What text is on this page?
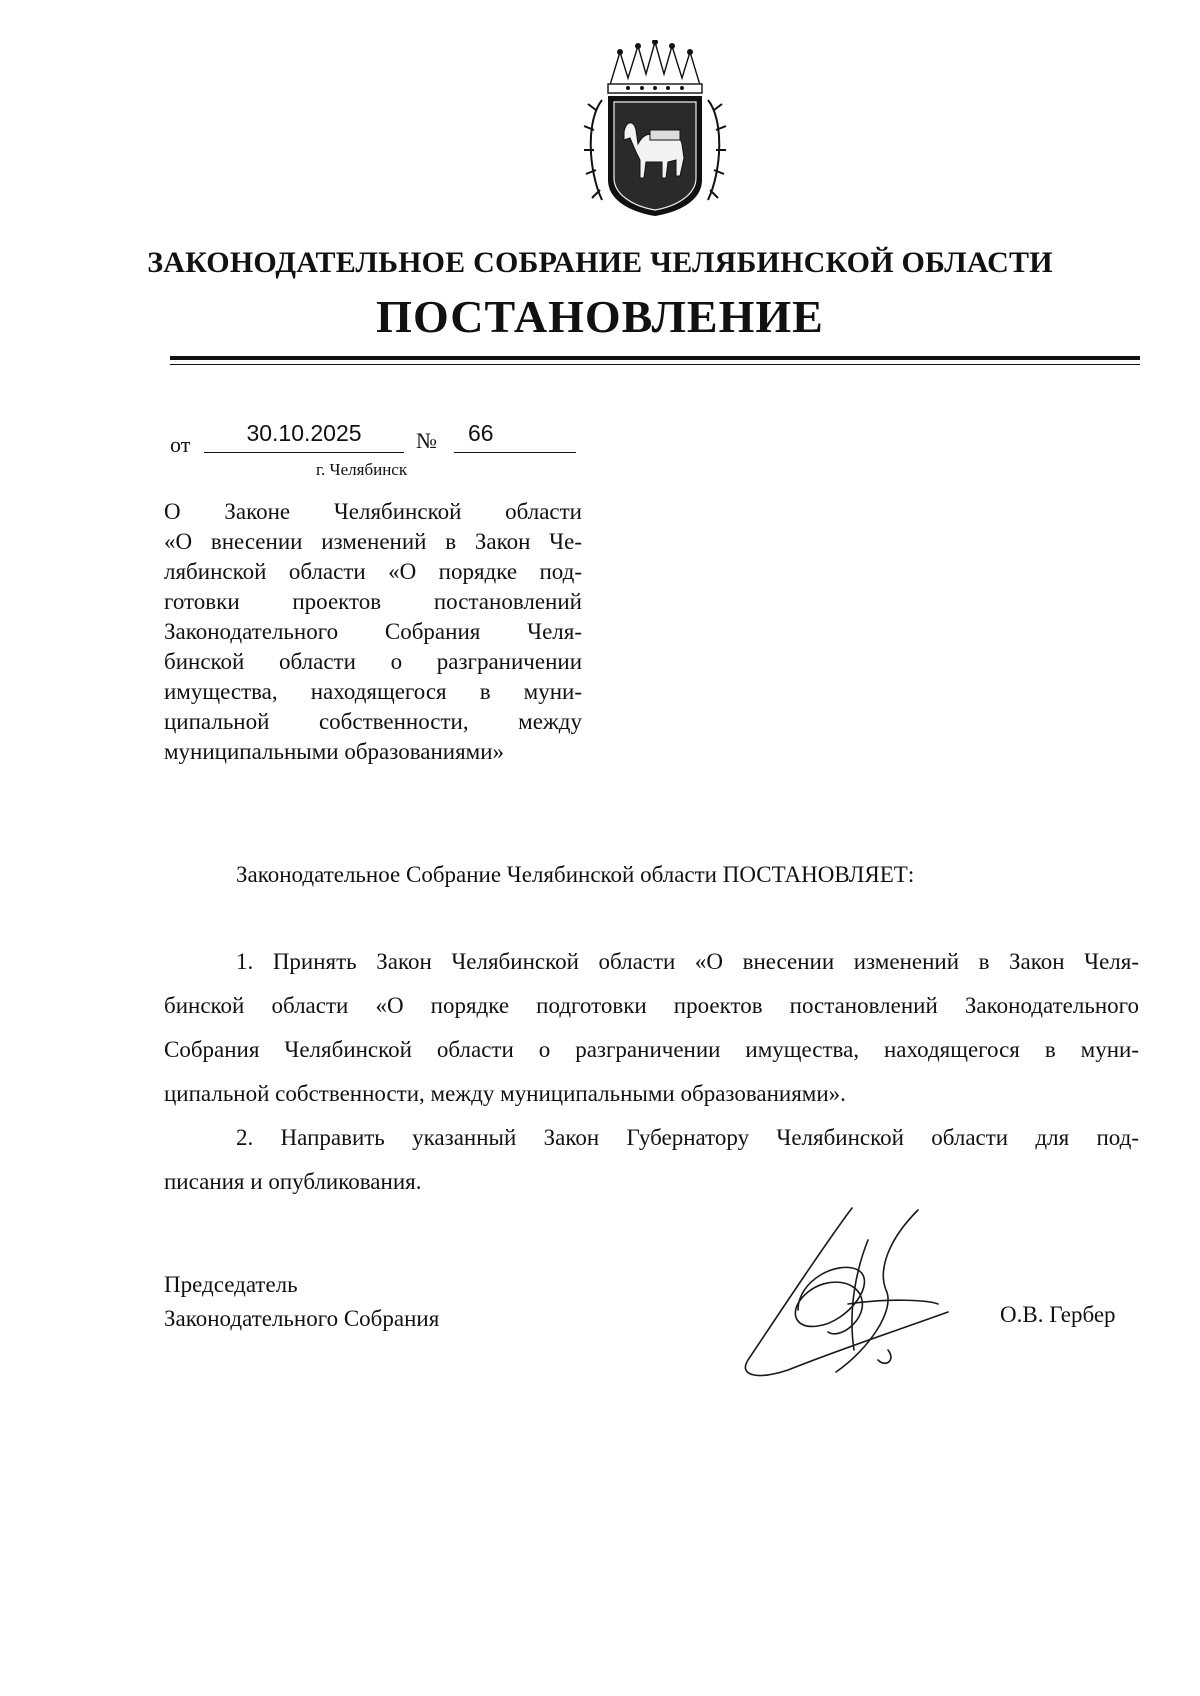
ЗАКОНОДАТЕЛЬНОЕ СОБРАНИЕ ЧЕЛЯБИНСКОЙ ОБЛАСТИ
ПОСТАНОВЛЕНИЕ
от	30.10.2025	№	66
г. Челябинск
О Законе Челябинской области
«О внесении изменений в Закон Че-
лябинской области «О порядке под-
готовки проектов постановлений
Законодательного Собрания Челя-
бинской области о разграничении
имущества, находящегося в муни-
ципальной собственности, между
муниципальными образованиями»
Законодательное Собрание Челябинской области ПОСТАНОВЛЯЕТ:
1. Принять Закон Челябинской области «О внесении изменений в Закон Челя-
бинской области «О порядке подготовки проектов постановлений Законодательного
Собрания Челябинской области о разграничении имущества, находящегося в муни-
ципальной собственности, между муниципальными образованиями».
2. Направить указанный Закон Губернатору Челябинской области для под-
писания и опубликования.
Председатель
Законодательного Собрания	О.В. Гербер
